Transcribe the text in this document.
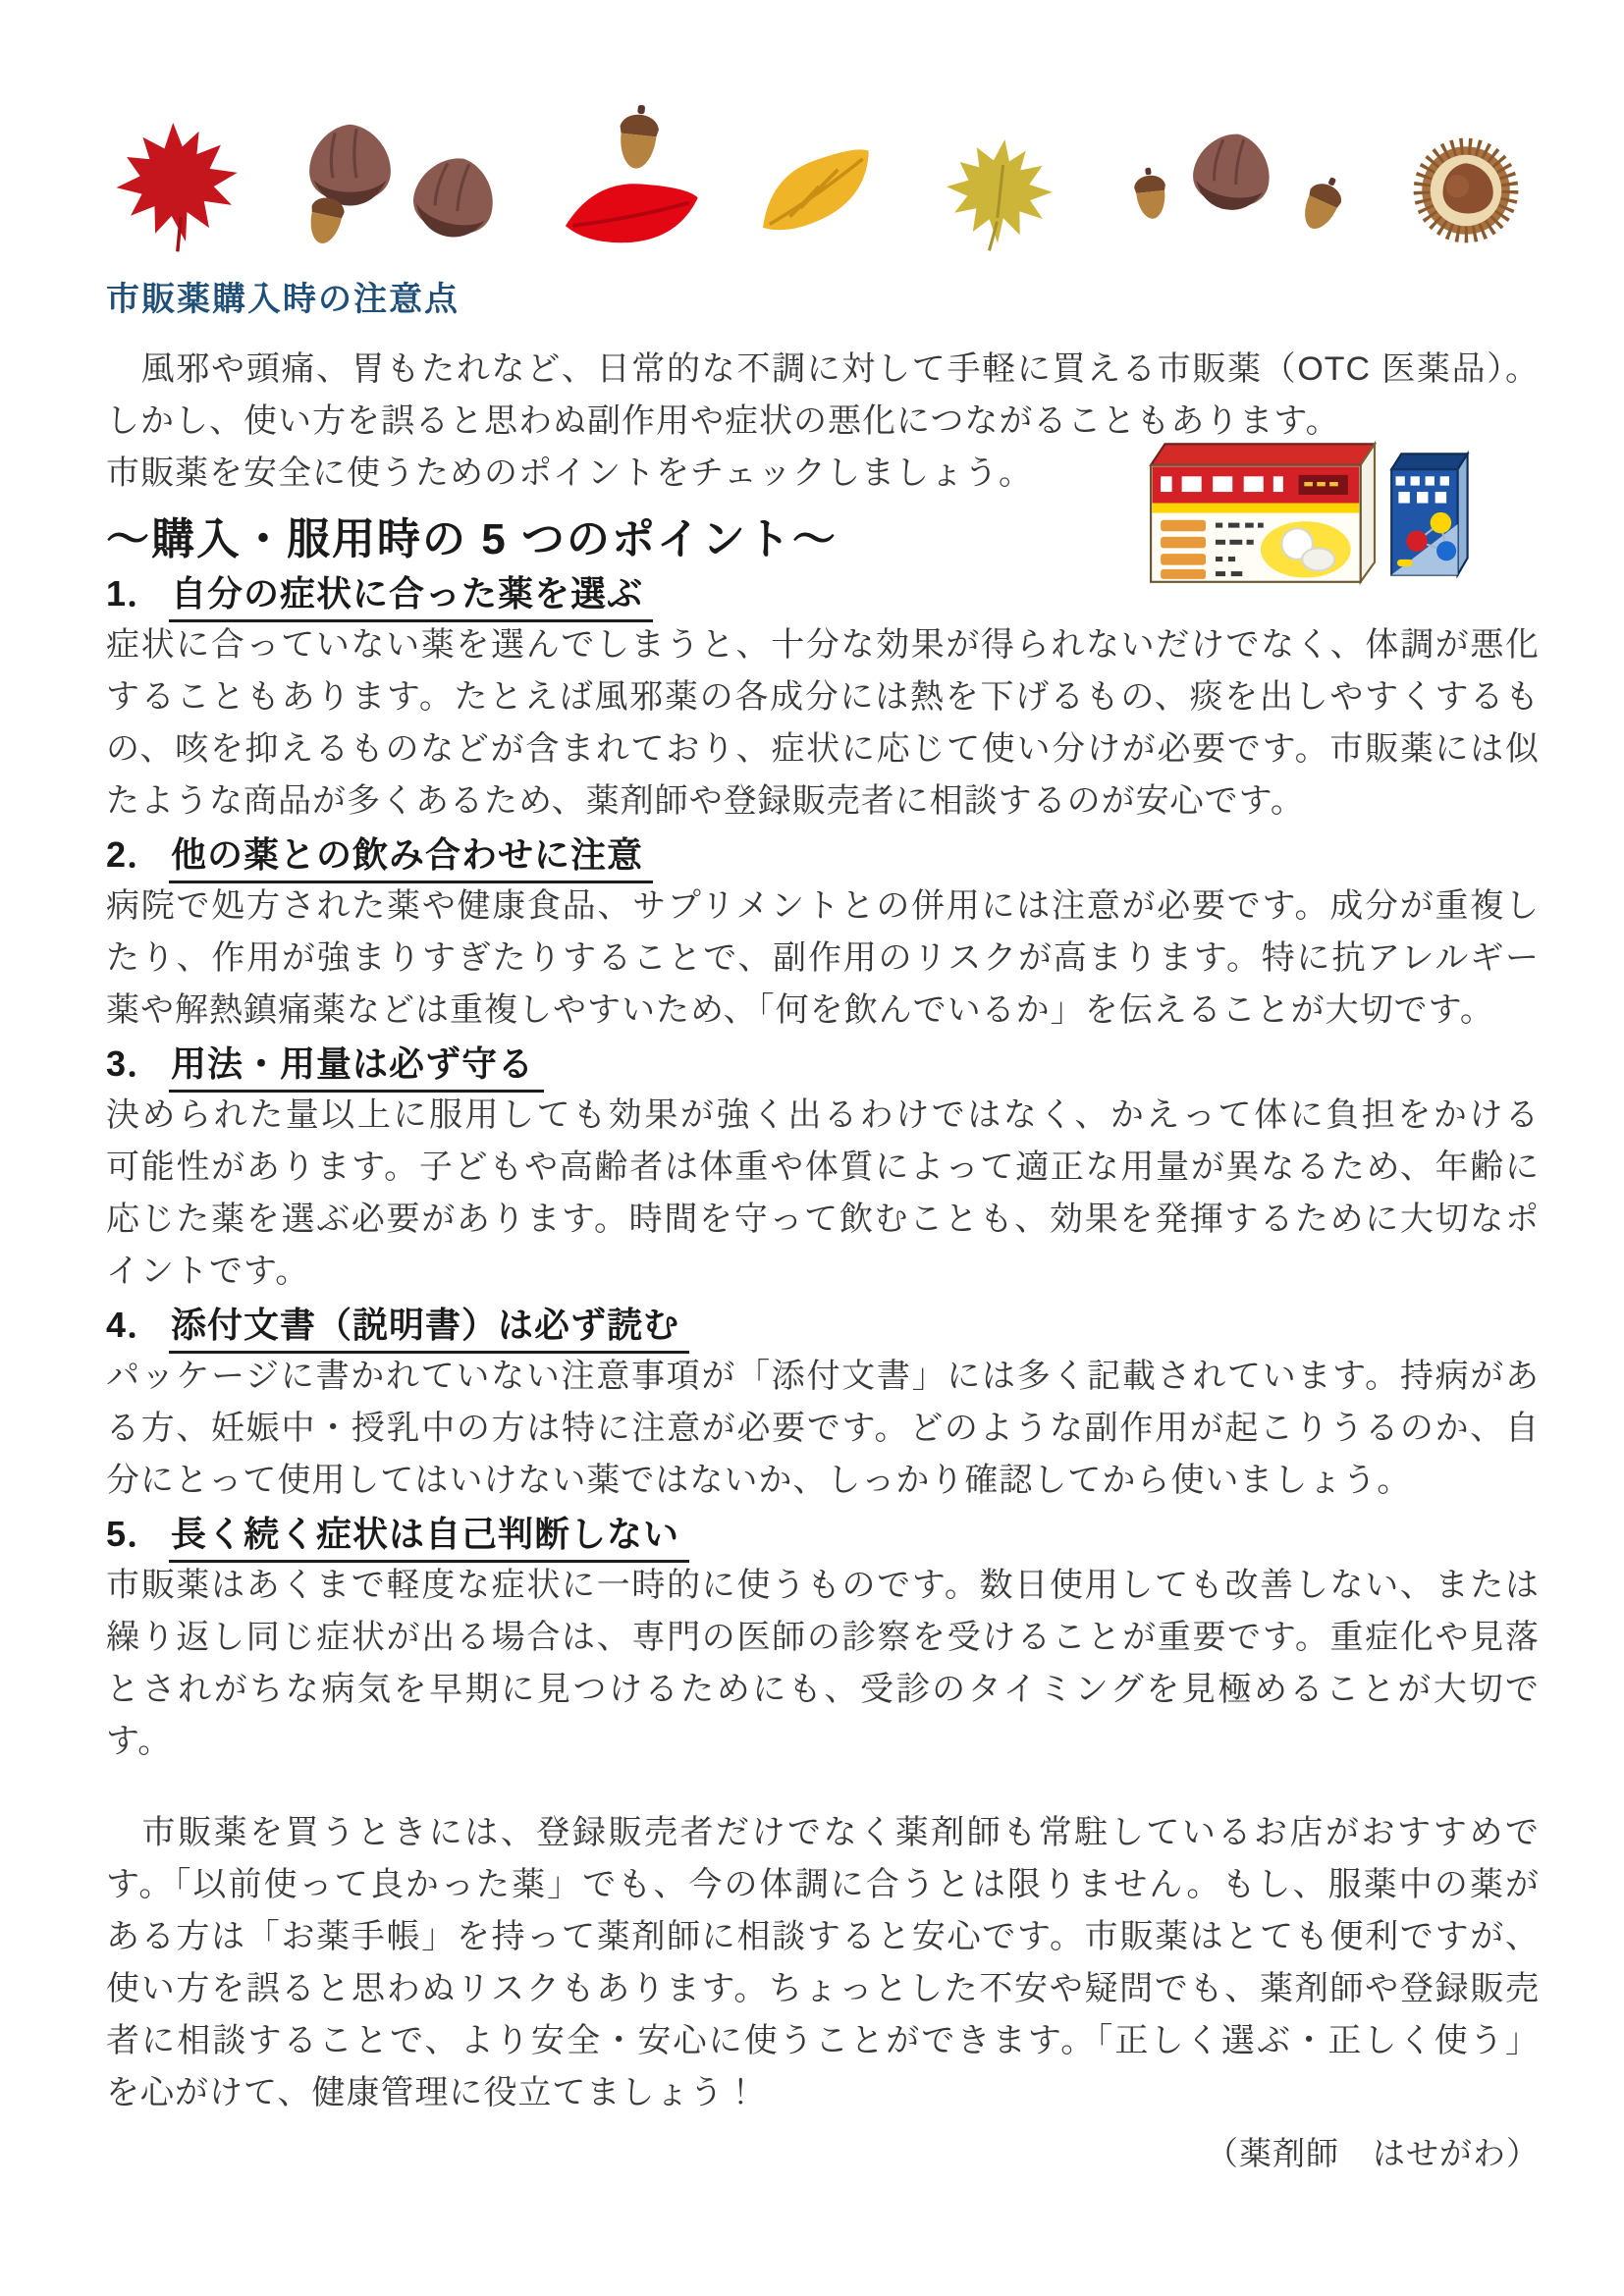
市販薬購入時の注意点
　風邪や頭痛、胃もたれなど、日常的な不調に対して手軽に買える市販薬（OTC 医薬品）。
しかし、使い方を誤ると思わぬ副作用や症状の悪化につながることもあります。
市販薬を安全に使うためのポイントをチェックしましょう。
～購入・服用時の 5 つのポイント～
1． 自分の症状に合った薬を選ぶ
症状に合っていない薬を選んでしまうと、十分な効果が得られないだけでなく、体調が悪化
することもあります。たとえば風邪薬の各成分には熱を下げるもの、痰を出しやすくするも
の、咳を抑えるものなどが含まれており、症状に応じて使い分けが必要です。市販薬には似
たような商品が多くあるため、薬剤師や登録販売者に相談するのが安心です。
2． 他の薬との飲み合わせに注意
病院で処方された薬や健康食品、サプリメントとの併用には注意が必要です。成分が重複し
たり、作用が強まりすぎたりすることで、副作用のリスクが高まります。特に抗アレルギー
薬や解熱鎮痛薬などは重複しやすいため、「何を飲んでいるか」を伝えることが大切です。
3． 用法・用量は必ず守る
決められた量以上に服用しても効果が強く出るわけではなく、かえって体に負担をかける
可能性があります。子どもや高齢者は体重や体質によって適正な用量が異なるため、年齢に
応じた薬を選ぶ必要があります。時間を守って飲むことも、効果を発揮するために大切なポ
イントです。
4． 添付文書（説明書）は必ず読む
パッケージに書かれていない注意事項が「添付文書」には多く記載されています。持病があ
る方、妊娠中・授乳中の方は特に注意が必要です。どのような副作用が起こりうるのか、自
分にとって使用してはいけない薬ではないか、しっかり確認してから使いましょう。
5． 長く続く症状は自己判断しない
市販薬はあくまで軽度な症状に一時的に使うものです。数日使用しても改善しない、または
繰り返し同じ症状が出る場合は、専門の医師の診察を受けることが重要です。重症化や見落
とされがちな病気を早期に見つけるためにも、受診のタイミングを見極めることが大切で
す。
　市販薬を買うときには、登録販売者だけでなく薬剤師も常駐しているお店がおすすめで
す。「以前使って良かった薬」でも、今の体調に合うとは限りません。もし、服薬中の薬が
ある方は「お薬手帳」を持って薬剤師に相談すると安心です。市販薬はとても便利ですが、
使い方を誤ると思わぬリスクもあります。ちょっとした不安や疑問でも、薬剤師や登録販売
者に相談することで、より安全・安心に使うことができます。「正しく選ぶ・正しく使う」
を心がけて、健康管理に役立てましょう！
（薬剤師　はせがわ）
